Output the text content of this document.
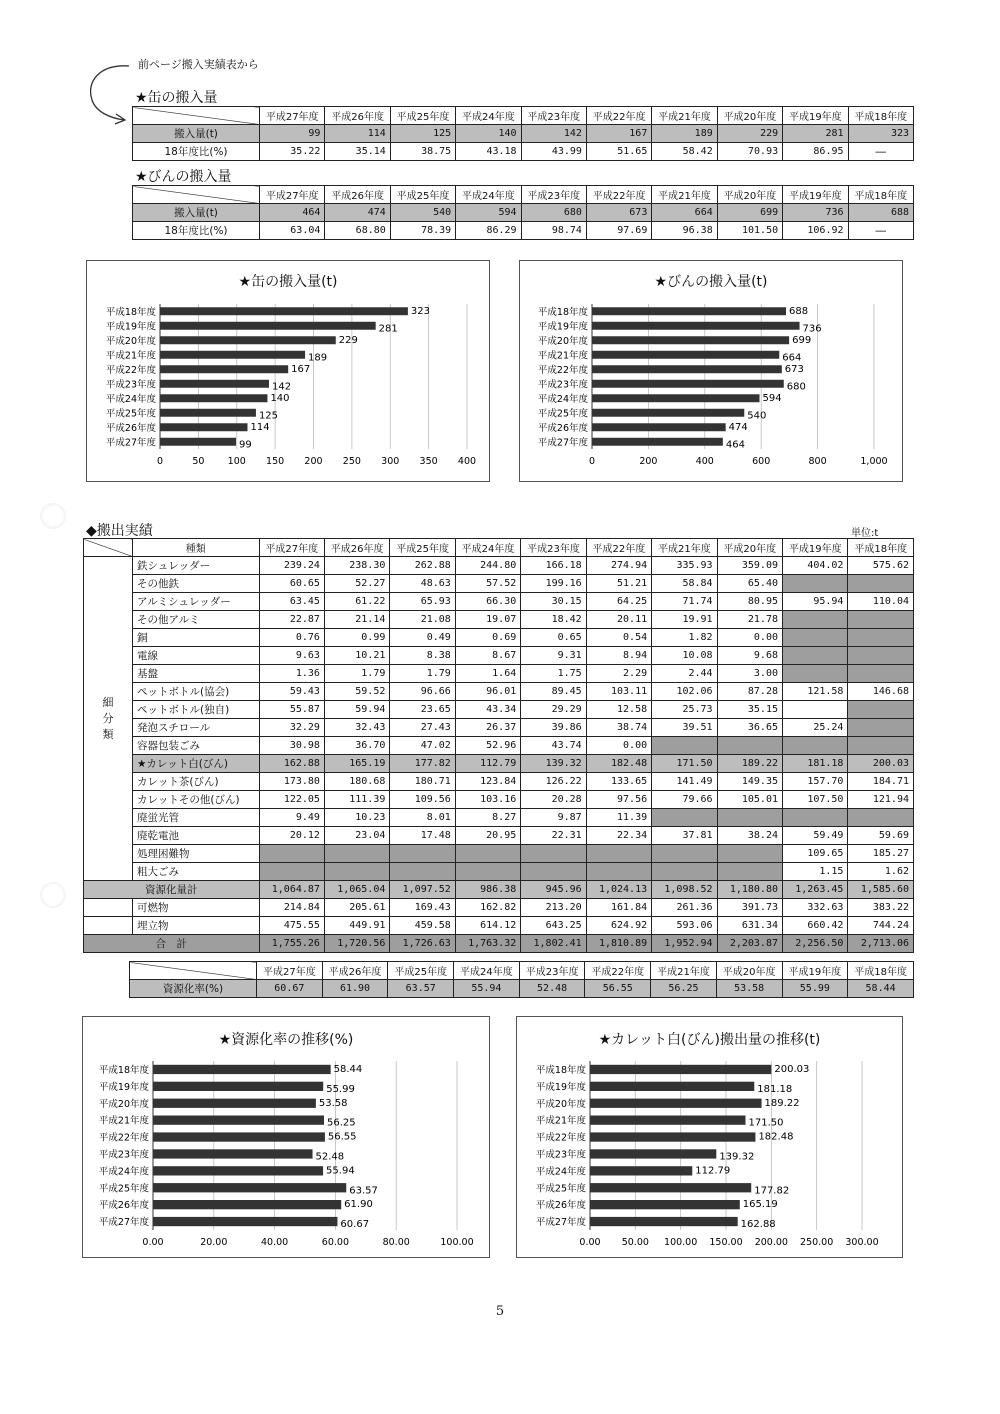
前ページ搬入実績表から
★缶の搬入量
	平成27年度	平成26年度	平成25年度	平成24年度	平成23年度	平成22年度	平成21年度	平成20年度	平成19年度	平成18年度
搬入量(t)	99	114	125	140	142	167	189	229	281	323
18年度比(%)	35.22	35.14	38.75	43.18	43.99	51.65	58.42	70.93	86.95	―
★びんの搬入量
	平成27年度	平成26年度	平成25年度	平成24年度	平成23年度	平成22年度	平成21年度	平成20年度	平成19年度	平成18年度
搬入量(t)	464	474	540	594	680	673	664	699	736	688
18年度比(%)	63.04	68.80	78.39	86.29	98.74	97.69	96.38	101.50	106.92	―
★缶の搬入量(t)
0	50 100 150 200 250 300 350 400
平成18年度	323
平成19年度	281
平成20年度	229
平成21年度	189
平成22年度	167
平成23年度	142
平成24年度	140
平成25年度	125
平成26年度	114
平成27年度	99
★びんの搬入量(t)
0	200	400	600	800	1,000
平成18年度	688
平成19年度	736
平成20年度	699
平成21年度	664
平成22年度	673
平成23年度	680
平成24年度	594
平成25年度	540
平成26年度	474
平成27年度	464
◆搬出実績	単位:t
	種類	平成27年度	平成26年度	平成25年度	平成24年度	平成23年度	平成22年度	平成21年度	平成20年度	平成19年度	平成18年度

細
分
類	鉄シュレッダー	239.24	238.30	262.88	244.80	166.18	274.94	335.93	359.09	404.02	575.62
	その他鉄	60.65	52.27	48.63	57.52	199.16	51.21	58.84	65.40		
	アルミシュレッダー	63.45	61.22	65.93	66.30	30.15	64.25	71.74	80.95	95.94	110.04
	その他アルミ	22.87	21.14	21.08	19.07	18.42	20.11	19.91	21.78		
	銅	0.76	0.99	0.49	0.69	0.65	0.54	1.82	0.00		
	電線	9.63	10.21	8.38	8.67	9.31	8.94	10.08	9.68		
	基盤	1.36	1.79	1.79	1.64	1.75	2.29	2.44	3.00		
	ペットボトル(協会)	59.43	59.52	96.66	96.01	89.45	103.11	102.06	87.28	121.58	146.68
	ペットボトル(独自)	55.87	59.94	23.65	43.34	29.29	12.58	25.73	35.15		
	発泡スチロール	32.29	32.43	27.43	26.37	39.86	38.74	39.51	36.65	25.24	
	容器包装ごみ	30.98	36.70	47.02	52.96	43.74	0.00				
	★カレット白(びん)	162.88	165.19	177.82	112.79	139.32	182.48	171.50	189.22	181.18	200.03
	カレット茶(びん)	173.80	180.68	180.71	123.84	126.22	133.65	141.49	149.35	157.70	184.71
	カレットその他(びん)	122.05	111.39	109.56	103.16	20.28	97.56	79.66	105.01	107.50	121.94
	廃蛍光管	9.49	10.23	8.01	8.27	9.87	11.39				
	廃乾電池	20.12	23.04	17.48	20.95	22.31	22.34	37.81	38.24	59.49	59.69
	処理困難物									109.65	185.27
	粗大ごみ									1.15	1.62
資源化量計		1,064.87	1,065.04	1,097.52	986.38	945.96	1,024.13	1,098.52	1,180.80	1,263.45	1,585.60
	可燃物	214.84	205.61	169.43	162.82	213.20	161.84	261.36	391.73	332.63	383.22
	埋立物	475.55	449.91	459.58	614.12	643.25	624.92	593.06	631.34	660.42	744.24
合　計		1,755.26	1,720.56	1,726.63	1,763.32	1,802.41	1,810.89	1,952.94	2,203.87	2,256.50	2,713.06
	平成27年度	平成26年度	平成25年度	平成24年度	平成23年度	平成22年度	平成21年度	平成20年度	平成19年度	平成18年度
資源化率(%)	60.67	61.90	63.57	55.94	52.48	56.55	56.25	53.58	55.99	58.44
★資源化率の推移(%)
0.00	20.00	40.00	60.00	80.00	100.00
平成18年度	58.44
平成19年度	55.99
平成20年度	53.58
平成21年度	56.25
平成22年度	56.55
平成23年度	52.48
平成24年度	55.94
平成25年度	63.57
平成26年度	61.90
平成27年度	60.67
★カレット白(びん)搬出量の推移(t)
0.00 50.00 100.00 150.00 200.00 250.00 300.00
平成18年度	200.03
平成19年度	181.18
平成20年度	189.22
平成21年度	171.50
平成22年度	182.48
平成23年度	139.32
平成24年度	112.79
平成25年度	177.82
平成26年度	165.19
平成27年度	162.88
5
